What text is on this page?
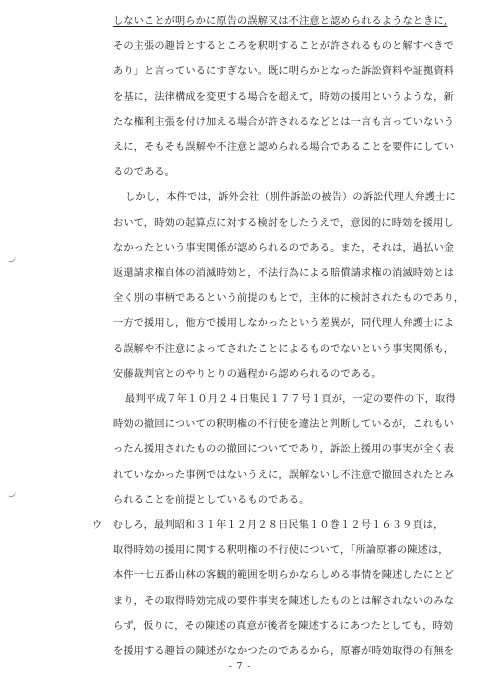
しないことが明らかに原告の誤解又は不注意と認められるようなときに,
その主張の趣旨とするところを釈明することが許されるものと解すべきで
あり」と言っているにすぎない。既に明らかとなった訴訟資料や証拠資料
を基に，法律構成を変更する場合を超えて，時効の援用というような，新
たな権利主張を付け加える場合が許されるなどとは一言も言っていないう
えに，そもそも誤解や不注意と認められる場合であることを要件にしてい
るのである。
しかし，本件では，訴外会社（別件訴訟の被告）の訴訟代理人弁護士に
おいて，時効の起算点に対する検討をしたうえで，意図的に時効を援用し
なかったという事実関係が認められるのである。また，それは，過払い金
返還請求権自体の消滅時効と，不法行為による賠償請求権の消滅時効とは
全く別の事柄であるという前提のもとで，主体的に検討されたものであり，
一方で援用し，他方で援用しなかったという差異が，同代理人弁護士によ
る誤解や不注意によってされたことによるものでないという事実関係も，
安藤裁判官とのやりとりの過程から認められるのである。
最判平成７年１０月２４日集民１７７号１頁が，一定の要件の下，取得
時効の撤回についての釈明権の不行使を違法と判断しているが，これもい
ったん援用されたものの撤回についてであり，訴訟上援用の事実が全く表
れていなかった事例ではないうえに，誤解ないし不注意で撤回されたとみ
られることを前提としているものである。
ウ　むしろ，最判昭和３１年１２月２８日民集１０巻１２号１６３９頁は，
取得時効の援用に関する釈明権の不行使について，「所論原審の陳述は，
本件一七五番山林の客観的範囲を明らかならしめる事情を陳述したにとど
まり，その取得時効完成の要件事実を陳述したものとは解されないのみな
らず，仮りに，その陳述の真意が後者を陳述するにあつたとしても，時効
を援用する趣旨の陳述がなかつたのであるから，原審が時効取得の有無を
- 7 -
